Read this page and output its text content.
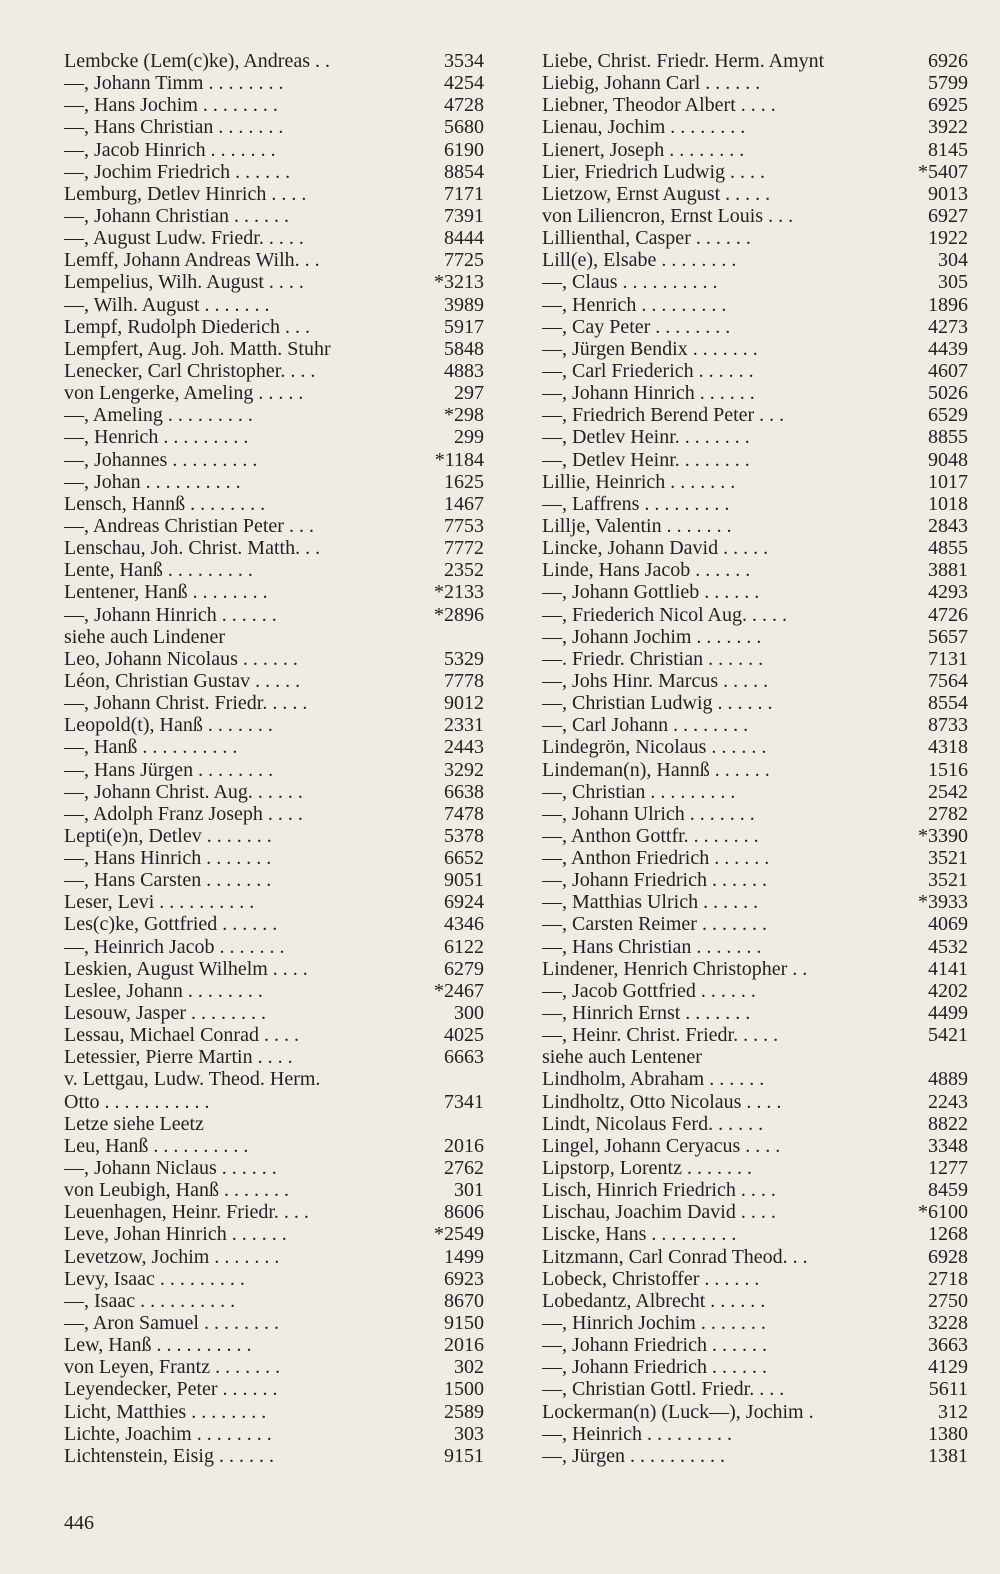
Lembcke (Lem(c)ke), Andreas . .	3534
—, Johann Timm . . . . . . . .	4254
—, Hans Jochim . . . . . . . .	4728
—, Hans Christian . . . . . . .	5680
—, Jacob Hinrich . . . . . . .	6190
—, Jochim Friedrich . . . . . .	8854
Lemburg, Detlev Hinrich . . . .	7171
—, Johann Christian . . . . . .	7391
—, August Ludw. Friedr. . . . .	8444
Lemff, Johann Andreas Wilh. . .	7725
Lempelius, Wilh. August . . . .	*3213
—, Wilh. August . . . . . . .	3989
Lempf, Rudolph Diederich . . .	5917
Lempfert, Aug. Joh. Matth. Stuhr	5848
Lenecker, Carl Christopher. . . .	4883
von Lengerke, Ameling . . . . .	297
—, Ameling . . . . . . . . .	*298
—, Henrich . . . . . . . . .	299
—, Johannes . . . . . . . . .	*1184
—, Johan . . . . . . . . . .	1625
Lensch, Hannß . . . . . . . .	1467
—, Andreas Christian Peter . . .	7753
Lenschau, Joh. Christ. Matth. . .	7772
Lente, Hanß . . . . . . . . .	2352
Lentener, Hanß . . . . . . . .	*2133
—, Johann Hinrich . . . . . .	*2896
siehe auch Lindener
Leo, Johann Nicolaus . . . . . .	5329
Léon, Christian Gustav . . . . .	7778
—, Johann Christ. Friedr. . . . .	9012
Leopold(t), Hanß . . . . . . .	2331
—, Hanß . . . . . . . . . .	2443
—, Hans Jürgen . . . . . . . .	3292
—, Johann Christ. Aug. . . . . .	6638
—, Adolph Franz Joseph . . . .	7478
Lepti(e)n, Detlev . . . . . . .	5378
—, Hans Hinrich . . . . . . .	6652
—, Hans Carsten . . . . . . .	9051
Leser, Levi . . . . . . . . . .	6924
Les(c)ke, Gottfried . . . . . .	4346
—, Heinrich Jacob . . . . . . .	6122
Leskien, August Wilhelm . . . .	6279
Leslee, Johann . . . . . . . .	*2467
Lesouw, Jasper . . . . . . . .	300
Lessau, Michael Conrad . . . .	4025
Letessier, Pierre Martin . . . .	6663
v. Lettgau, Ludw. Theod. Herm.
Otto . . . . . . . . . . .	7341
Letze siehe Leetz
Leu, Hanß . . . . . . . . . .	2016
—, Johann Niclaus . . . . . .	2762
von Leubigh, Hanß . . . . . . .	301
Leuenhagen, Heinr. Friedr. . . .	8606
Leve, Johan Hinrich . . . . . .	*2549
Levetzow, Jochim . . . . . . .	1499
Levy, Isaac . . . . . . . . .	6923
—, Isaac . . . . . . . . . .	8670
—, Aron Samuel . . . . . . . .	9150
Lew, Hanß . . . . . . . . . .	2016
von Leyen, Frantz . . . . . . .	302
Leyendecker, Peter . . . . . .	1500
Licht, Matthies . . . . . . . .	2589
Lichte, Joachim . . . . . . . .	303
Lichtenstein, Eisig . . . . . .	9151
Liebe, Christ. Friedr. Herm. Amynt	6926
Liebig, Johann Carl . . . . . .	5799
Liebner, Theodor Albert . . . .	6925
Lienau, Jochim . . . . . . . .	3922
Lienert, Joseph . . . . . . . .	8145
Lier, Friedrich Ludwig . . . .	*5407
Lietzow, Ernst August . . . . .	9013
von Liliencron, Ernst Louis . . .	6927
Lillienthal, Casper . . . . . .	1922
Lill(e), Elsabe . . . . . . . .	304
—, Claus . . . . . . . . . .	305
—, Henrich . . . . . . . . .	1896
—, Cay Peter . . . . . . . .	4273
—, Jürgen Bendix . . . . . . .	4439
—, Carl Friederich . . . . . .	4607
—, Johann Hinrich . . . . . .	5026
—, Friedrich Berend Peter . . .	6529
—, Detlev Heinr. . . . . . . .	8855
—, Detlev Heinr. . . . . . . .	9048
Lillie, Heinrich . . . . . . .	1017
—, Laffrens . . . . . . . . .	1018
Lillje, Valentin . . . . . . .	2843
Lincke, Johann David . . . . .	4855
Linde, Hans Jacob . . . . . .	3881
—, Johann Gottlieb . . . . . .	4293
—, Friederich Nicol Aug. . . . .	4726
—, Johann Jochim . . . . . . .	5657
—. Friedr. Christian . . . . . .	7131
—, Johs Hinr. Marcus . . . . .	7564
—, Christian Ludwig . . . . . .	8554
—, Carl Johann . . . . . . . .	8733
Lindegrön, Nicolaus . . . . . .	4318
Lindeman(n), Hannß . . . . . .	1516
—, Christian . . . . . . . . .	2542
—, Johann Ulrich . . . . . . .	2782
—, Anthon Gottfr. . . . . . . .	*3390
—, Anthon Friedrich . . . . . .	3521
—, Johann Friedrich . . . . . .	3521
—, Matthias Ulrich . . . . . .	*3933
—, Carsten Reimer . . . . . . .	4069
—, Hans Christian . . . . . . .	4532
Lindener, Henrich Christopher . .	4141
—, Jacob Gottfried . . . . . .	4202
—, Hinrich Ernst . . . . . . .	4499
—, Heinr. Christ. Friedr. . . . .	5421
siehe auch Lentener
Lindholm, Abraham . . . . . .	4889
Lindholtz, Otto Nicolaus . . . .	2243
Lindt, Nicolaus Ferd. . . . . .	8822
Lingel, Johann Ceryacus . . . .	3348
Lipstorp, Lorentz . . . . . . .	1277
Lisch, Hinrich Friedrich . . . .	8459
Lischau, Joachim David . . . .	*6100
Liscke, Hans . . . . . . . . .	1268
Litzmann, Carl Conrad Theod. . .	6928
Lobeck, Christoffer . . . . . .	2718
Lobedantz, Albrecht . . . . . .	2750
—, Hinrich Jochim . . . . . . .	3228
—, Johann Friedrich . . . . . .	3663
—, Johann Friedrich . . . . . .	4129
—, Christian Gottl. Friedr. . . .	5611
Lockerman(n) (Luck—), Jochim .	312
—, Heinrich . . . . . . . . .	1380
—, Jürgen . . . . . . . . . .	1381
446
